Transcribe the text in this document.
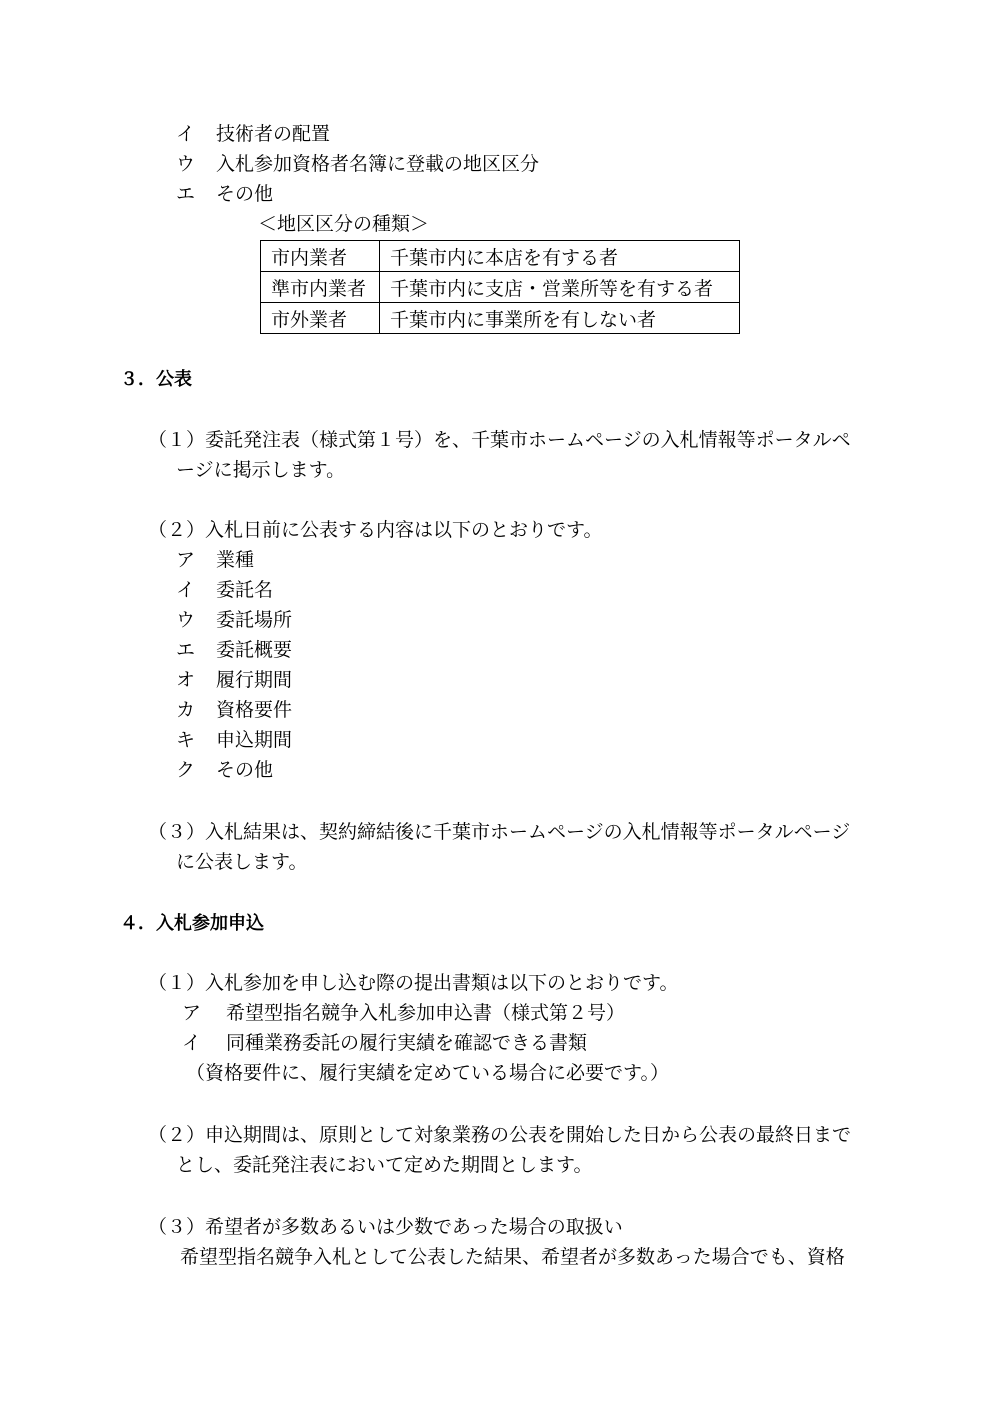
イ 技術者の配置
ウ 入札参加資格者名簿に登載の地区区分
エ その他
＜地区区分の種類＞
市内業者	千葉市内に本店を有する者
準市内業者	千葉市内に支店・営業所等を有する者
市外業者	千葉市内に事業所を有しない者
３．公表
（１）委託発注表（様式第１号）を、千葉市ホームページの入札情報等ポータルペ
ージに掲示します。
（２）入札日前に公表する内容は以下のとおりです。
ア 業種
イ 委託名
ウ 委託場所
エ 委託概要
オ 履行期間
カ 資格要件
キ 申込期間
ク その他
（３）入札結果は、契約締結後に千葉市ホームページの入札情報等ポータルページ
に公表します。
４．入札参加申込
（１）入札参加を申し込む際の提出書類は以下のとおりです。
ア 希望型指名競争入札参加申込書（様式第２号）
イ 同種業務委託の履行実績を確認できる書類
（資格要件に、履行実績を定めている場合に必要です。）
（２）申込期間は、原則として対象業務の公表を開始した日から公表の最終日まで
とし、委託発注表において定めた期間とします。
（３）希望者が多数あるいは少数であった場合の取扱い
希望型指名競争入札として公表した結果、希望者が多数あった場合でも、資格
